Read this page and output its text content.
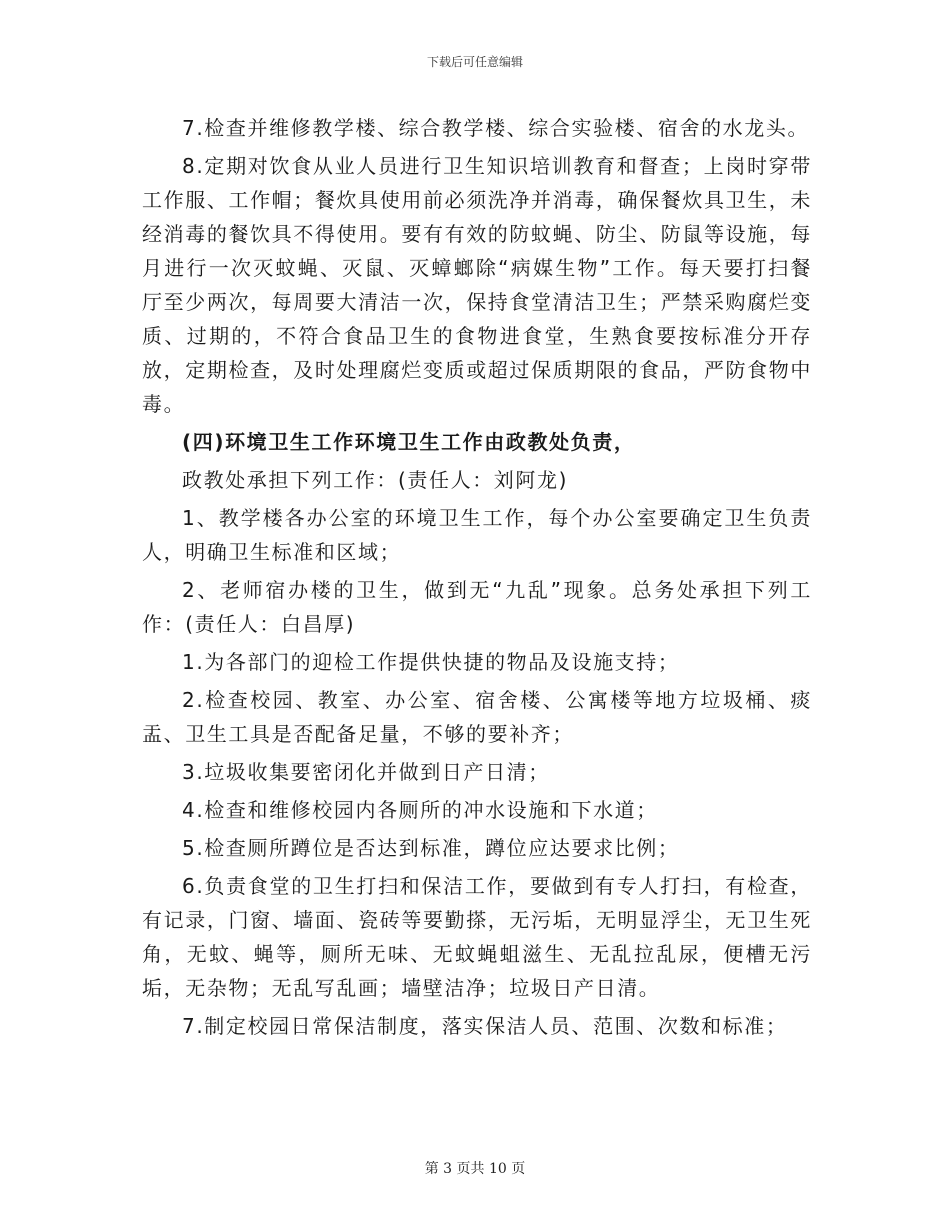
下载后可任意编辑

7.检查并维修教学楼、综合教学楼、综合实验楼、宿舍的水龙头。

8.定期对饮食从业人员进行卫生知识培训教育和督查；上岗时穿带工作服、工作帽；餐炊具使用前必须洗净并消毒，确保餐炊具卫生，未经消毒的餐饮具不得使用。要有有效的防蚊蝇、防尘、防鼠等设施，每月进行一次灭蚊蝇、灭鼠、灭蟑螂除“病媒生物”工作。每天要打扫餐厅至少两次，每周要大清洁一次，保持食堂清洁卫生；严禁采购腐烂变质、过期的，不符合食品卫生的食物进食堂，生熟食要按标准分开存放，定期检查，及时处理腐烂变质或超过保质期限的食品，严防食物中毒。

(四)环境卫生工作环境卫生工作由政教处负责，

政教处承担下列工作：(责任人：刘阿龙)

1、教学楼各办公室的环境卫生工作，每个办公室要确定卫生负责人，明确卫生标准和区域；

2、老师宿办楼的卫生，做到无“九乱”现象。总务处承担下列工作：(责任人：白昌厚)

1.为各部门的迎检工作提供快捷的物品及设施支持；

2.检查校园、教室、办公室、宿舍楼、公寓楼等地方垃圾桶、痰盂、卫生工具是否配备足量，不够的要补齐；

3.垃圾收集要密闭化并做到日产日清；

4.检查和维修校园内各厕所的冲水设施和下水道；

5.检查厕所蹲位是否达到标准，蹲位应达要求比例；

6.负责食堂的卫生打扫和保洁工作，要做到有专人打扫，有检查，有记录，门窗、墙面、瓷砖等要勤搽，无污垢，无明显浮尘，无卫生死角，无蚊、蝇等，厕所无味、无蚊蝇蛆滋生、无乱拉乱尿，便槽无污垢，无杂物；无乱写乱画；墙壁洁净；垃圾日产日清。

7.制定校园日常保洁制度，落实保洁人员、范围、次数和标准；

第 3 页共 10 页
